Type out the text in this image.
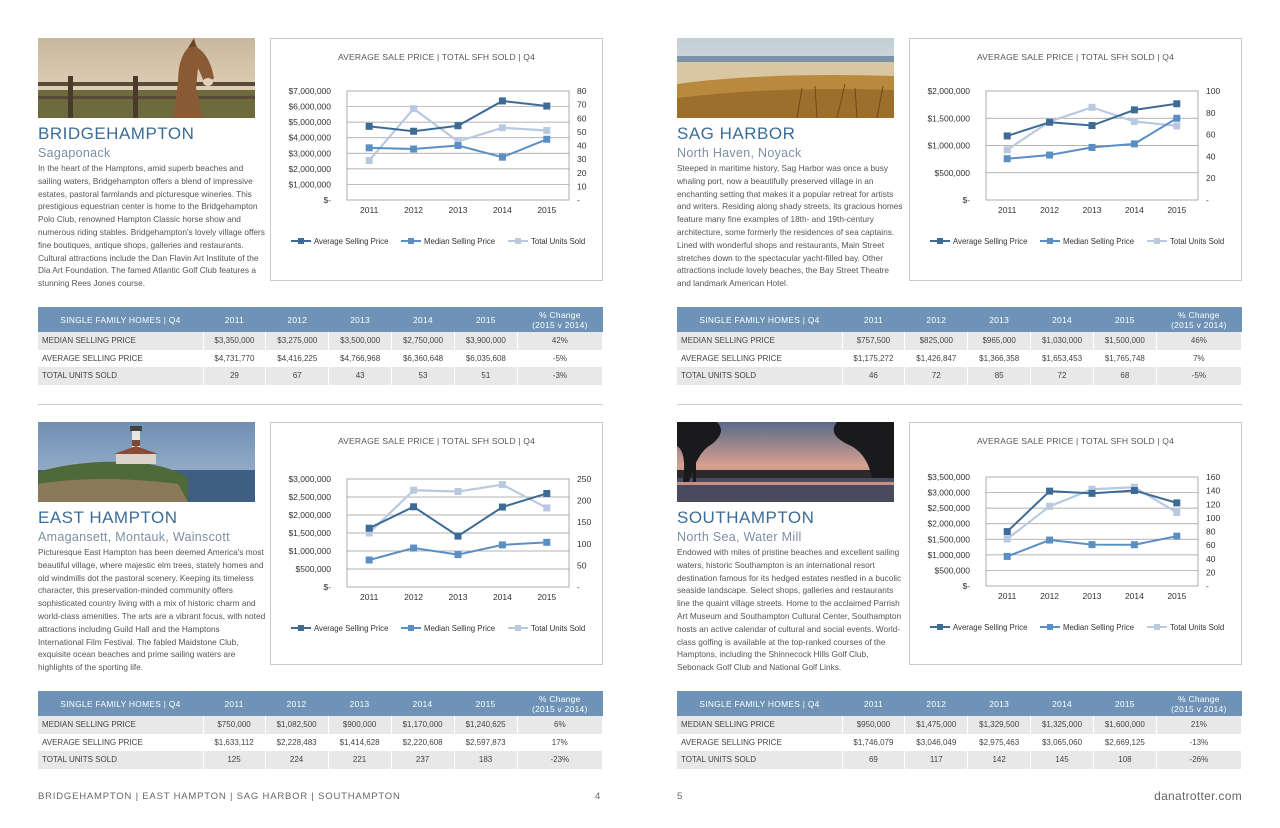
BRIDGEHAMPTON
Sagaponack
In the heart of the Hamptons, amid superb beaches and sailing waters, Bridgehampton offers a blend of impressive estates, pastoral farmlands and picturesque wineries. This prestigious equestrian center is home to the Bridgehampton Polo Club, renowned Hampton Classic horse show and numerous riding stables. Bridgehampton's lovely village offers fine boutiques, antique shops, galleries and restaurants. Cultural attractions include the Dan Flavin Art Institute of the Dia Art Foundation. The famed Atlantic Golf Club features a stunning Rees Jones course.
AVERAGE SALE PRICE | TOTAL SFH SOLD | Q4
$-
$1,000,000
$2,000,000
$3,000,000
$4,000,000
$5,000,000
$6,000,000
$7,000,000
-
10
20
30
40
50
60
70
80
2011	2012	2013	2014	2015
Average Selling Price	Median Selling Price	Total Units Sold
SINGLE FAMILY HOMES | Q4	2011	2012	2013	2014	2015	% Change
(2015 v 2014)
MEDIAN SELLING PRICE	$3,350,000	$3,275,000	$3,500,000	$2,750,000	$3,900,000	42%
AVERAGE SELLING PRICE	$4,731,770	$4,416,225	$4,766,968	$6,360,648	$6,035,608	-5%
TOTAL UNITS SOLD	29	67	43	53	51	-3%
SAG HARBOR
North Haven, Noyack
Steeped in maritime history, Sag Harbor was once a busy whaling port, now a beautifully preserved village in an enchanting setting that makes it a popular retreat for artists and writers. Residing along shady streets, its gracious homes feature many fine examples of 18th- and 19th-century architecture, some formerly the residences of sea captains. Lined with wonderful shops and restaurants, Main Street stretches down to the spectacular yacht-filled bay. Other attractions include lovely beaches, the Bay Street Theatre and landmark American Hotel.
AVERAGE SALE PRICE | TOTAL SFH SOLD | Q4
$-
$500,000
$1,000,000
$1,500,000
$2,000,000
-
20
40
60
80
100
2011	2012	2013	2014	2015
Average Selling Price	Median Selling Price	Total Units Sold
SINGLE FAMILY HOMES | Q4	2011	2012	2013	2014	2015	% Change
(2015 v 2014)
MEDIAN SELLING PRICE	$757,500	$825,000	$965,000	$1,030,000	$1,500,000	46%
AVERAGE SELLING PRICE	$1,175,272	$1,426,847	$1,366,358	$1,653,453	$1,765,748	7%
TOTAL UNITS SOLD	46	72	85	72	68	-5%
EAST HAMPTON
Amagansett, Montauk, Wainscott
Picturesque East Hampton has been deemed America's most beautiful village, where majestic elm trees, stately homes and old windmills dot the pastoral scenery. Keeping its timeless character, this preservation-minded community offers sophisticated country living with a mix of historic charm and world-class amenities. The arts are a vibrant focus, with noted attractions including Guild Hall and the Hamptons International Film Festival. The fabled Maidstone Club, exquisite ocean beaches and prime sailing waters are highlights of the sporting life.
AVERAGE SALE PRICE | TOTAL SFH SOLD | Q4
$-
$500,000
$1,000,000
$1,500,000
$2,000,000
$2,500,000
$3,000,000
-
50
100
150
200
250
2011	2012	2013	2014	2015
Average Selling Price	Median Selling Price	Total Units Sold
SINGLE FAMILY HOMES | Q4	2011	2012	2013	2014	2015	% Change
(2015 v 2014)
MEDIAN SELLING PRICE	$750,000	$1,082,500	$900,000	$1,170,000	$1,240,625	6%
AVERAGE SELLING PRICE	$1,633,112	$2,228,483	$1,414,628	$2,220,608	$2,597,873	17%
TOTAL UNITS SOLD	125	224	221	237	183	-23%
SOUTHAMPTON
North Sea, Water Mill
Endowed with miles of pristine beaches and excellent sailing waters, historic Southampton is an international resort destination famous for its hedged estates nestled in a bucolic seaside landscape. Select shops, galleries and restaurants line the quaint village streets. Home to the acclaimed Parrish Art Museum and Southampton Cultural Center, Southampton hosts an active calendar of cultural and social events. World-class golfing is available at the top-ranked courses of the Hamptons, including the Shinnecock Hills Golf Club, Sebonack Golf Club and National Golf Links.
AVERAGE SALE PRICE | TOTAL SFH SOLD | Q4
$-
$500,000
$1,000,000
$1,500,000
$2,000,000
$2,500,000
$3,000,000
$3,500,000
-
20
40
60
80
100
120
140
160
2011	2012	2013	2014	2015
Average Selling Price	Median Selling Price	Total Units Sold
SINGLE FAMILY HOMES | Q4	2011	2012	2013	2014	2015	% Change
(2015 v 2014)
MEDIAN SELLING PRICE	$950,000	$1,475,000	$1,329,500	$1,325,000	$1,600,000	21%
AVERAGE SELLING PRICE	$1,746,079	$3,046,049	$2,975,463	$3,065,060	$2,669,125	-13%
TOTAL UNITS SOLD	69	117	142	145	108	-26%
BRIDGEHAMPTON | EAST HAMPTON | SAG HARBOR | SOUTHAMPTON	4	5	danatrotter.com
